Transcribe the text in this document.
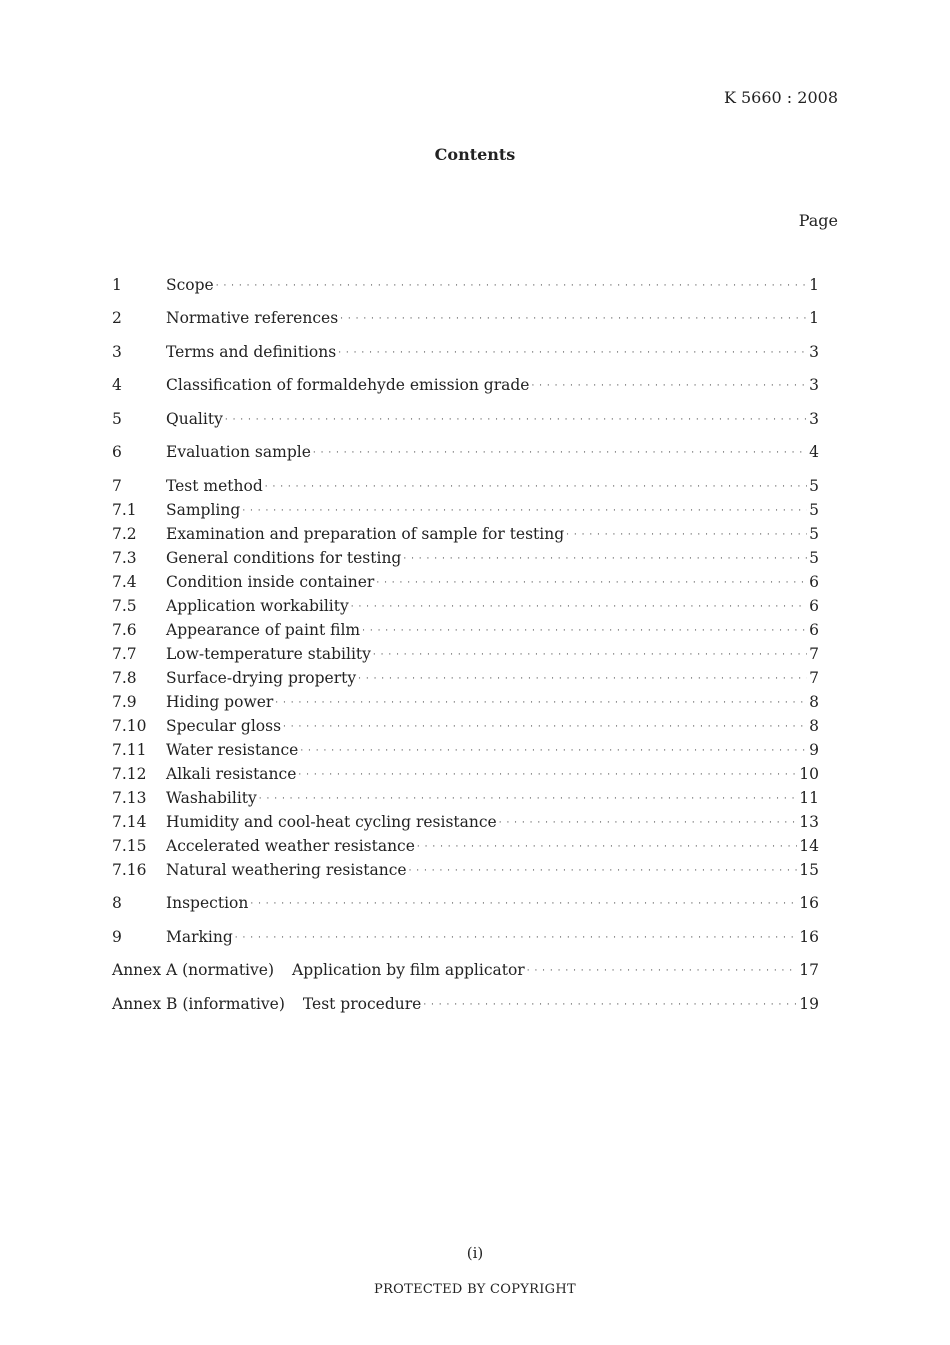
K 5660 : 2008
Contents
Page
1	Scope · · ·	1
2	Normative references · · ·	1
3	Terms and definitions · · ·	3
4	Classification of formaldehyde emission grade · · ·	3
5	Quality · · ·	3
6	Evaluation sample · · ·	4
7	Test method · · ·	5
7.1	Sampling · · ·	5
7.2	Examination and preparation of sample for testing · · ·	5
7.3	General conditions for testing · · ·	5
7.4	Condition inside container · · ·	6
7.5	Application workability · · ·	6
7.6	Appearance of paint film · · ·	6
7.7	Low-temperature stability · · ·	7
7.8	Surface-drying property · · ·	7
7.9	Hiding power · · ·	8
7.10	Specular gloss · · ·	8
7.11	Water resistance · · ·	9
7.12	Alkali resistance · · ·	10
7.13	Washability · · ·	11
7.14	Humidity and cool-heat cycling resistance · · ·	13
7.15	Accelerated weather resistance · · ·	14
7.16	Natural weathering resistance · · ·	15
8	Inspection · · ·	16
9	Marking · · ·	16
Annex A (normative) Application by film applicator · · ·	17
Annex B (informative) Test procedure · · ·	19
(i)
PROTECTED BY COPYRIGHT
